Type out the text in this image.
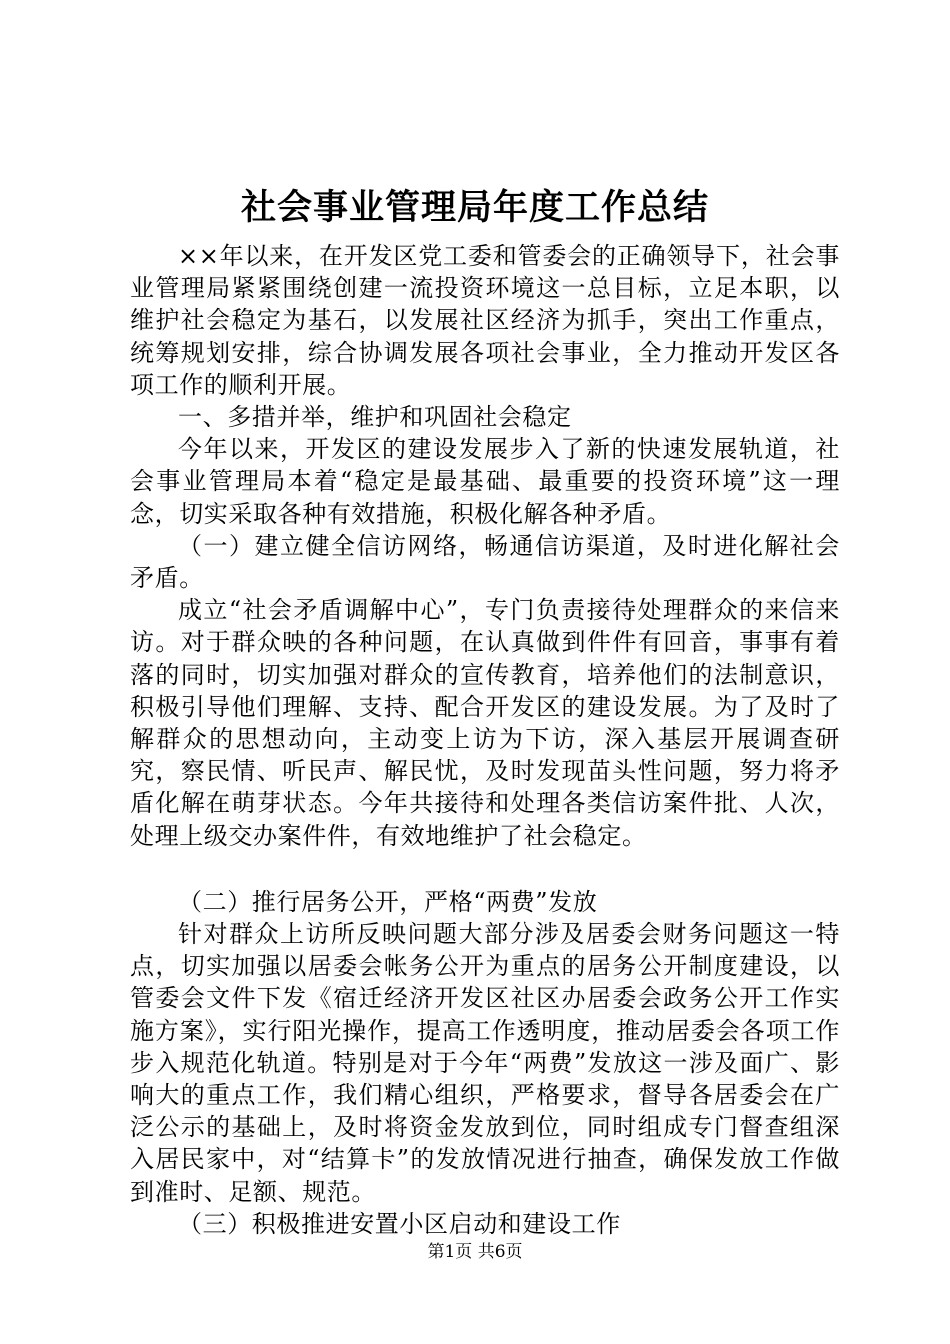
社会事业管理局年度工作总结

××年以来，在开发区党工委和管委会的正确领导下，社会事业管理局紧紧围绕创建一流投资环境这一总目标，立足本职，以维护社会稳定为基石，以发展社区经济为抓手，突出工作重点，统筹规划安排，综合协调发展各项社会事业，全力推动开发区各项工作的顺利开展。

一、多措并举，维护和巩固社会稳定

今年以来，开发区的建设发展步入了新的快速发展轨道，社会事业管理局本着“稳定是最基础、最重要的投资环境”这一理念，切实采取各种有效措施，积极化解各种矛盾。

（一）建立健全信访网络，畅通信访渠道，及时进化解社会矛盾。

成立“社会矛盾调解中心”，专门负责接待处理群众的来信来访。对于群众映的各种问题，在认真做到件件有回音，事事有着落的同时，切实加强对群众的宣传教育，培养他们的法制意识，积极引导他们理解、支持、配合开发区的建设发展。为了及时了解群众的思想动向，主动变上访为下访，深入基层开展调查研究，察民情、听民声、解民忧，及时发现苗头性问题，努力将矛盾化解在萌芽状态。今年共接待和处理各类信访案件批、人次，处理上级交办案件件，有效地维护了社会稳定。

（二）推行居务公开，严格“两费”发放

针对群众上访所反映问题大部分涉及居委会财务问题这一特点，切实加强以居委会帐务公开为重点的居务公开制度建设，以管委会文件下发《宿迁经济开发区社区办居委会政务公开工作实施方案》，实行阳光操作，提高工作透明度，推动居委会各项工作步入规范化轨道。特别是对于今年“两费”发放这一涉及面广、影响大的重点工作，我们精心组织，严格要求，督导各居委会在广泛公示的基础上，及时将资金发放到位，同时组成专门督查组深入居民家中，对“结算卡”的发放情况进行抽查，确保发放工作做到准时、足额、规范。

（三）积极推进安置小区启动和建设工作

第1页 共6页
